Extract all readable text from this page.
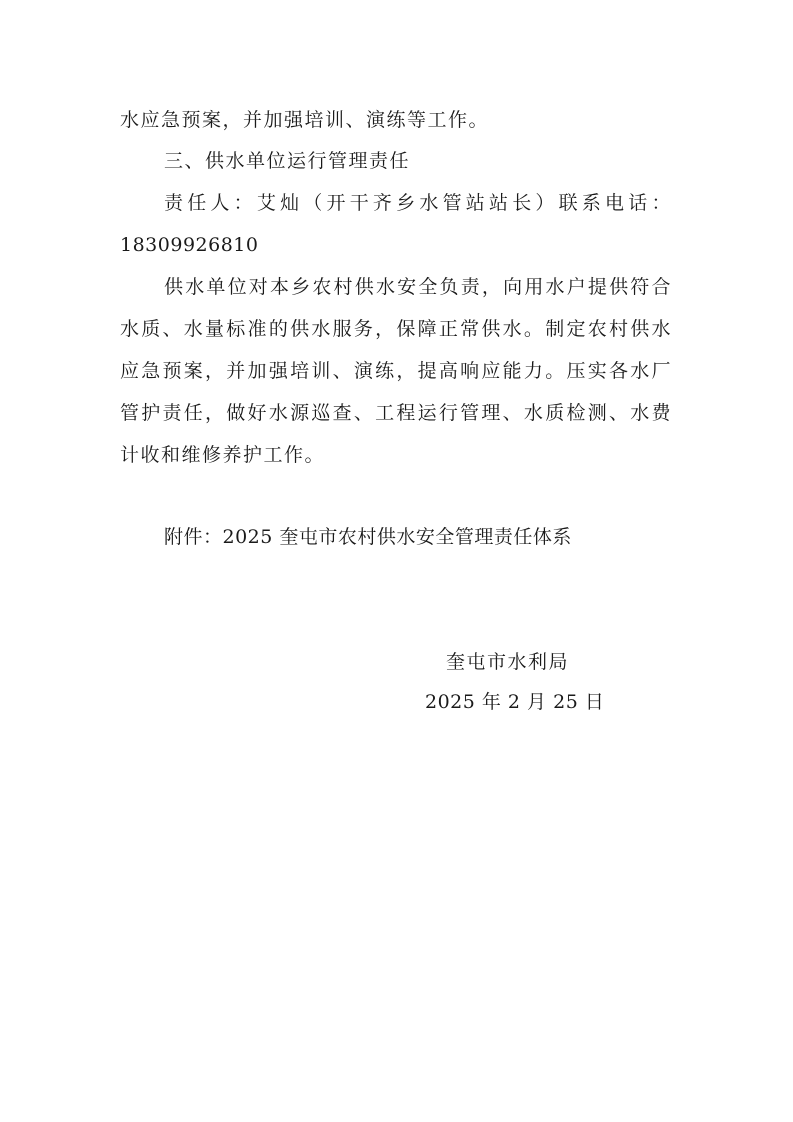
水应急预案，并加强培训、演练等工作。
三、供水单位运行管理责任
责任人：艾灿（开干齐乡水管站站长）联系电话：
18309926810
供水单位对本乡农村供水安全负责，向用水户提供符合
水质、水量标准的供水服务，保障正常供水。制定农村供水
应急预案，并加强培训、演练，提高响应能力。压实各水厂
管护责任，做好水源巡查、工程运行管理、水质检测、水费
计收和维修养护工作。
附件：2025 奎屯市农村供水安全管理责任体系
奎屯市水利局
2025 年 2 月 25 日
